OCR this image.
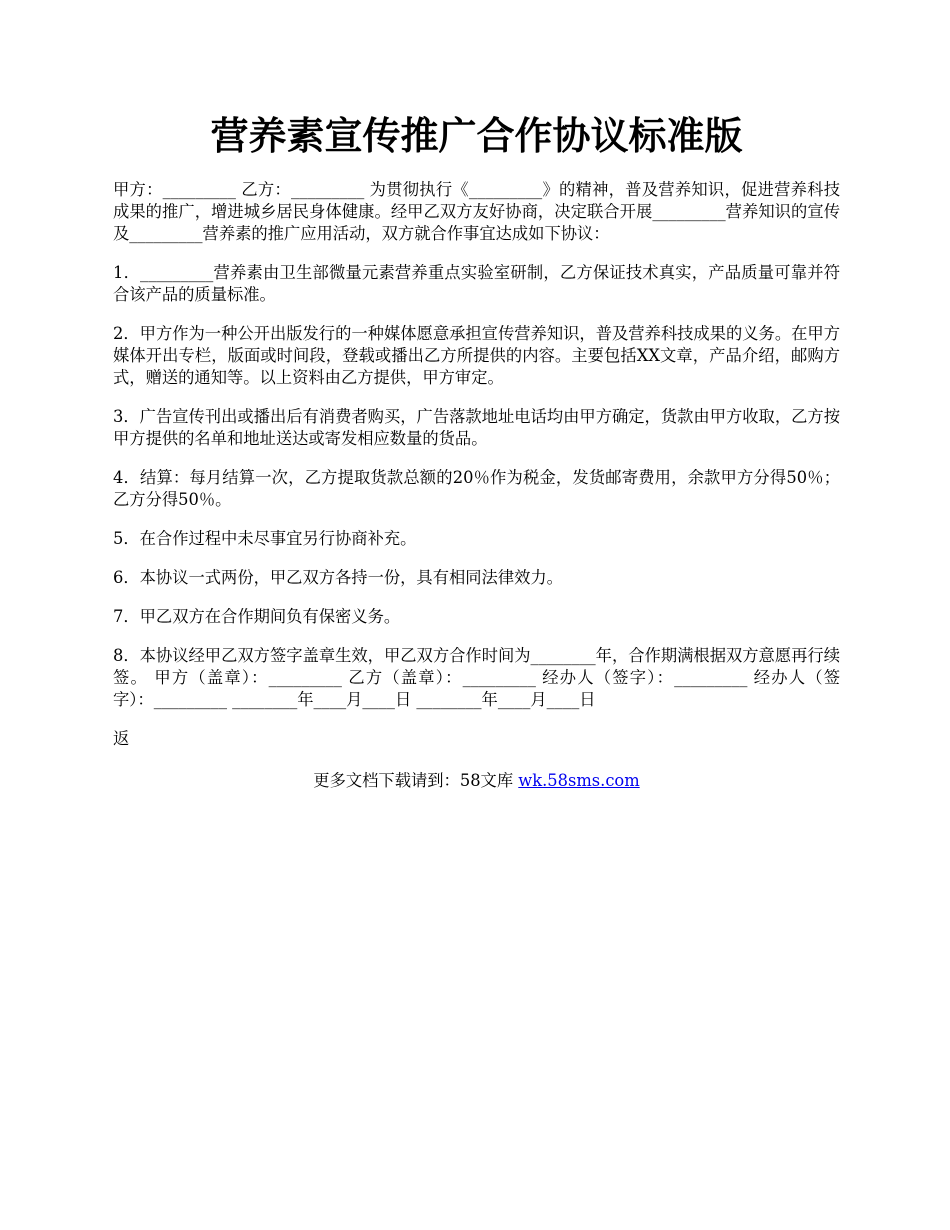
营养素宣传推广合作协议标准版

甲方：_________ 乙方：_________ 为贯彻执行《_________》的精神，普及营养知识，促进营养科技成果的推广，增进城乡居民身体健康。经甲乙双方友好协商，决定联合开展_________营养知识的宣传及_________营养素的推广应用活动，双方就合作事宜达成如下协议：

1．_________营养素由卫生部微量元素营养重点实验室研制，乙方保证技术真实，产品质量可靠并符合该产品的质量标准。

2．甲方作为一种公开出版发行的一种媒体愿意承担宣传营养知识，普及营养科技成果的义务。在甲方媒体开出专栏，版面或时间段，登载或播出乙方所提供的内容。主要包括XX文章，产品介绍，邮购方式，赠送的通知等。以上资料由乙方提供，甲方审定。

3．广告宣传刊出或播出后有消费者购买，广告落款地址电话均由甲方确定，货款由甲方收取，乙方按甲方提供的名单和地址送达或寄发相应数量的货品。

4．结算：每月结算一次，乙方提取货款总额的20％作为税金，发货邮寄费用，余款甲方分得50％；乙方分得50％。

5．在合作过程中未尽事宜另行协商补充。

6．本协议一式两份，甲乙双方各持一份，具有相同法律效力。

7．甲乙双方在合作期间负有保密义务。

8．本协议经甲乙双方签字盖章生效，甲乙双方合作时间为________年，合作期满根据双方意愿再行续签。 甲方（盖章）：_________ 乙方（盖章）：_________ 经办人（签字）：_________ 经办人（签字）：_________ ________年____月____日 ________年____月____日

返

更多文档下载请到：58文库 wk.58sms.com
